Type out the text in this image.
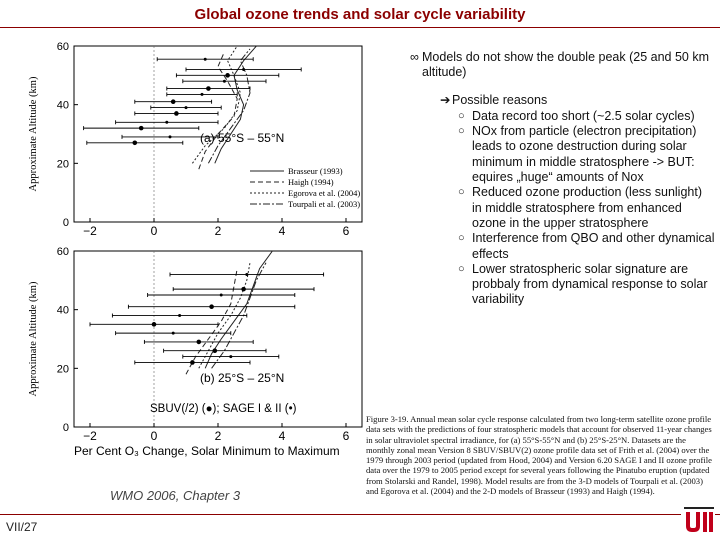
Global ozone trends and solar cycle variability
−2	0	2	4	6
0
20
40
60
Approximate Altitude (km)	(a) 55°S – 55°N
Brasseur (1993)
Haigh (1994)
Egorova et al. (2004)
Tourpali et al. (2003)
−2	0	2	4	6
0
20
40
60
Approximate Altitude (km)	(b) 25°S – 25°N
SBUV(/2) (●); SAGE I & II (•)
Per Cent O₃ Change, Solar Minimum to Maximum
∞ Models do not show the double peak (25 and 50 km altitude)
➔ Possible reasons
○ Data record too short (~2.5 solar cycles)
○ NOx from particle (electron precipitation) leads to ozone destruction during solar minimum in middle stratosphere -> BUT: equires „huge“ amounts of Nox
○ Reduced ozone production (less sunlight) in middle stratosphere from enhanced ozone in the upper stratosphere
○ Interference from QBO and other dynamical effects
○ Lower stratospheric solar signature are probbaly from dynamical response to solar variability
Figure 3-19. Annual mean solar cycle response calculated from two long-term satellite ozone profile data sets with the predictions of four stratospheric models that account for observed 11-year changes in solar ultraviolet spectral irradiance, for (a) 55°S-55°N and (b) 25°S-25°N. Datasets are the monthly zonal mean Version 8 SBUV/SBUV(2) ozone profile data set of Frith et al. (2004) over the 1979 through 2003 period (updated from Hood, 2004) and Version 6.20 SAGE I and II ozone profile data over the 1979 to 2005 period except for several years following the Pinatubo eruption (updated from Stolarski and Randel, 1998). Model results are from the 3-D models of Tourpali et al. (2003) and Egorova et al. (2004) and the 2-D models of Brasseur (1993) and Haigh (1994).
WMO 2006, Chapter 3
VII/27
